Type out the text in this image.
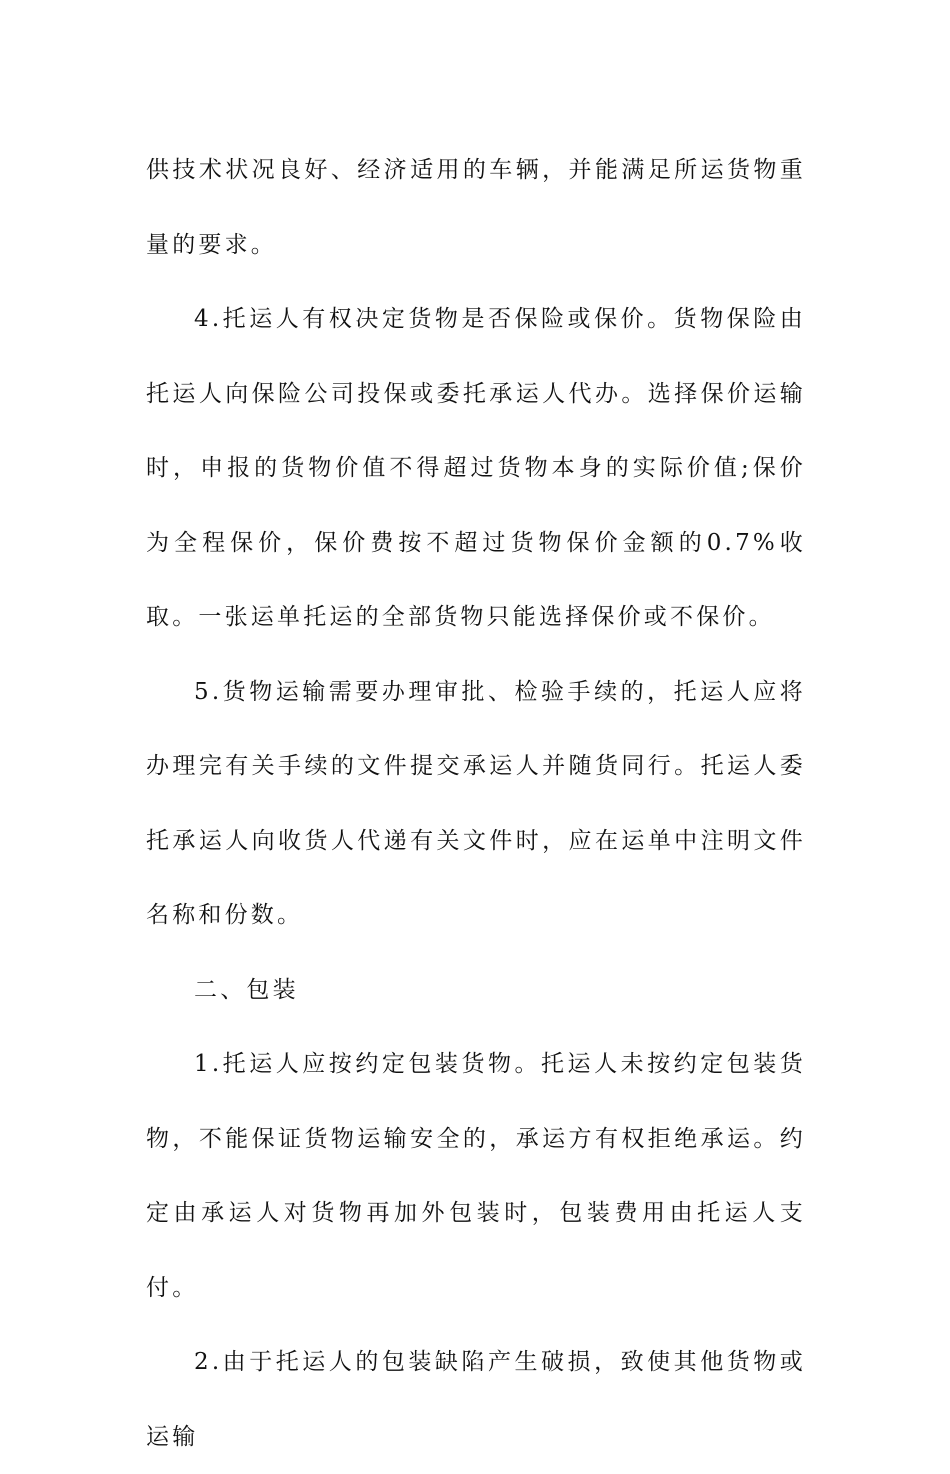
供技术状况良好、经济适用的车辆，并能满足所运货物重量的要求。

4.托运人有权决定货物是否保险或保价。货物保险由托运人向保险公司投保或委托承运人代办。选择保价运输时，申报的货物价值不得超过货物本身的实际价值;保价为全程保价，保价费按不超过货物保价金额的0.7%收取。一张运单托运的全部货物只能选择保价或不保价。

5.货物运输需要办理审批、检验手续的，托运人应将办理完有关手续的文件提交承运人并随货同行。托运人委托承运人向收货人代递有关文件时，应在运单中注明文件名称和份数。

二、包装

1.托运人应按约定包装货物。托运人未按约定包装货物，不能保证货物运输安全的，承运方有权拒绝承运。约定由承运人对货物再加外包装时，包装费用由托运人支付。

2.由于托运人的包装缺陷产生破损，致使其他货物或运输
